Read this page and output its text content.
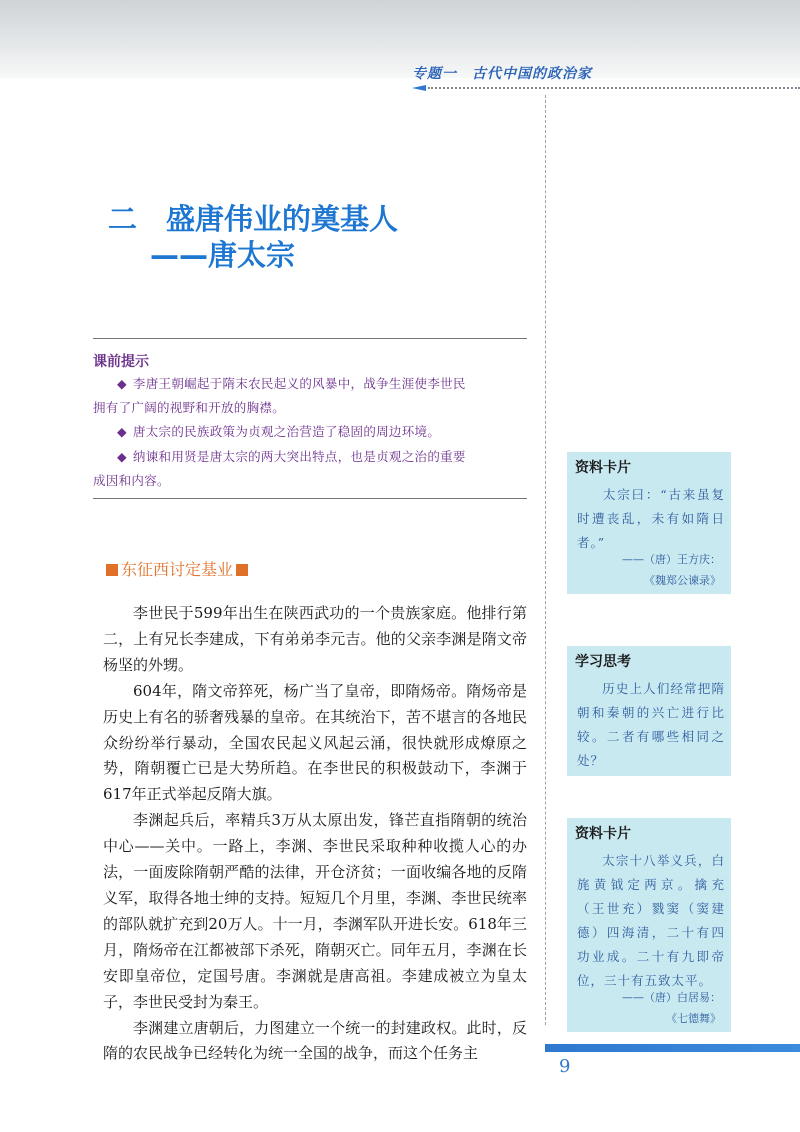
专题一　古代中国的政治家
二　盛唐伟业的奠基人
——唐太宗
课前提示
◆ 李唐王朝崛起于隋末农民起义的风暴中，战争生涯使李世民
拥有了广阔的视野和开放的胸襟。
◆ 唐太宗的民族政策为贞观之治营造了稳固的周边环境。
◆ 纳谏和用贤是唐太宗的两大突出特点，也是贞观之治的重要
成因和内容。
东征西讨定基业

李世民于599年出生在陕西武功的一个贵族家庭。他排行第二，上有兄长李建成，下有弟弟李元吉。他的父亲李渊是隋文帝杨坚的外甥。

604年，隋文帝猝死，杨广当了皇帝，即隋炀帝。隋炀帝是历史上有名的骄奢残暴的皇帝。在其统治下，苦不堪言的各地民众纷纷举行暴动，全国农民起义风起云涌，很快就形成燎原之势，隋朝覆亡已是大势所趋。在李世民的积极鼓动下，李渊于617年正式举起反隋大旗。

李渊起兵后，率精兵3万从太原出发，锋芒直指隋朝的统治中心——关中。一路上，李渊、李世民采取种种收揽人心的办法，一面废除隋朝严酷的法律，开仓济贫；一面收编各地的反隋义军，取得各地士绅的支持。短短几个月里，李渊、李世民统率的部队就扩充到20万人。十一月，李渊军队开进长安。618年三月，隋炀帝在江都被部下杀死，隋朝灭亡。同年五月，李渊在长安即皇帝位，定国号唐。李渊就是唐高祖。李建成被立为皇太子，李世民受封为秦王。

李渊建立唐朝后，力图建立一个统一的封建政权。此时，反隋的农民战争已经转化为统一全国的战争，而这个任务主

资料卡片
太宗曰：“古来虽复时遭丧乱，未有如隋日者。”
——（唐）王方庆：
《魏郑公谏录》
学习思考
历史上人们经常把隋朝和秦朝的兴亡进行比较。二者有哪些相同之处？
资料卡片
太宗十八举义兵，白旄黄钺定两京。擒充（王世充）戮窦（窦建德）四海清，二十有四功业成。二十有九即帝位，三十有五致太平。
——（唐）白居易：
《七德舞》
9
